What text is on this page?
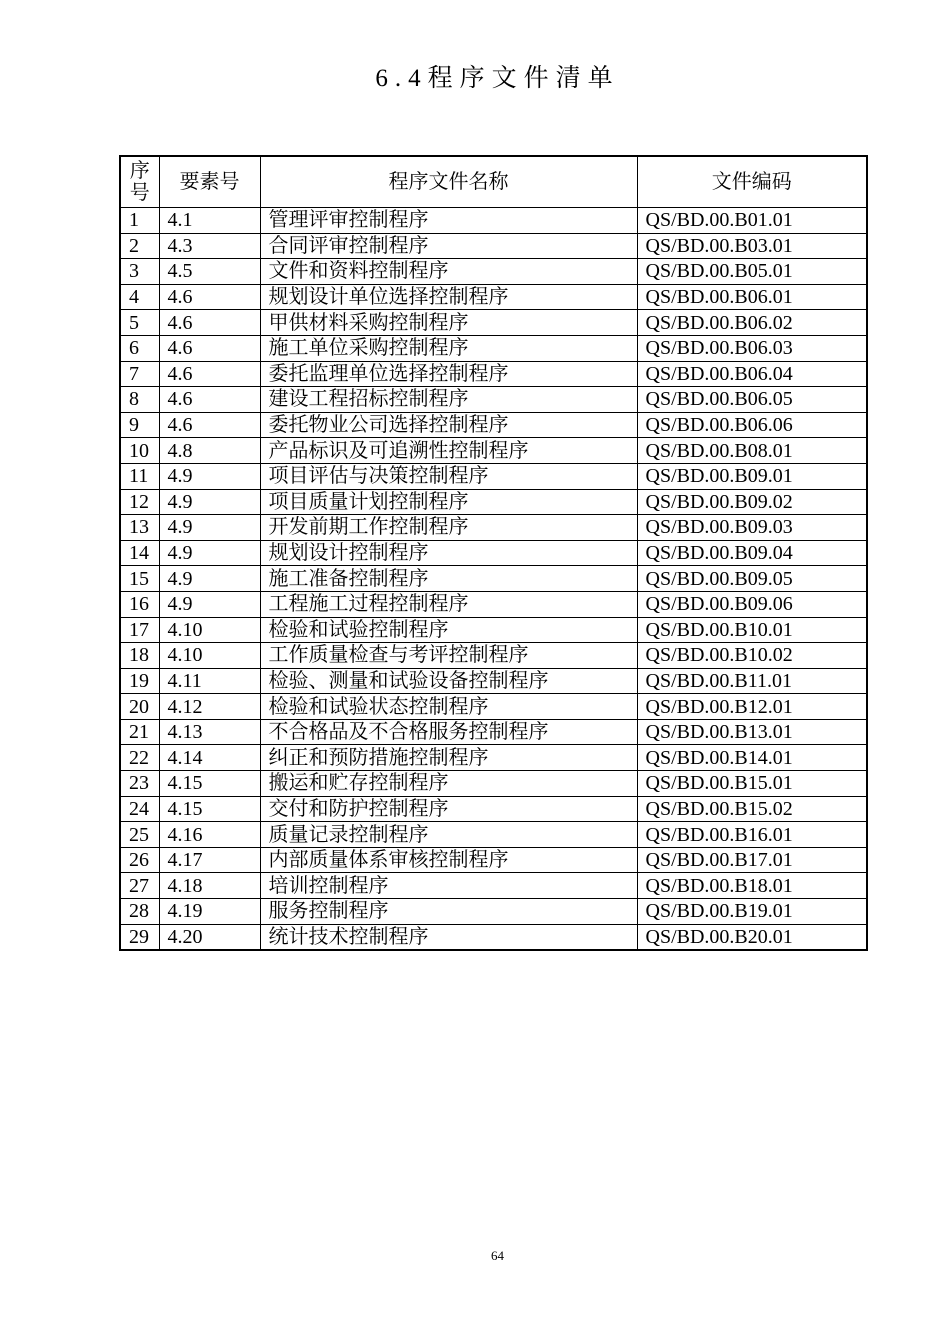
6.4程序文件清单
序号	要素号	程序文件名称	文件编码
1	4.1	管理评审控制程序	QS/BD.00.B01.01
2	4.3	合同评审控制程序	QS/BD.00.B03.01
3	4.5	文件和资料控制程序	QS/BD.00.B05.01
4	4.6	规划设计单位选择控制程序	QS/BD.00.B06.01
5	4.6	甲供材料采购控制程序	QS/BD.00.B06.02
6	4.6	施工单位采购控制程序	QS/BD.00.B06.03
7	4.6	委托监理单位选择控制程序	QS/BD.00.B06.04
8	4.6	建设工程招标控制程序	QS/BD.00.B06.05
9	4.6	委托物业公司选择控制程序	QS/BD.00.B06.06
10	4.8	产品标识及可追溯性控制程序	QS/BD.00.B08.01
11	4.9	项目评估与决策控制程序	QS/BD.00.B09.01
12	4.9	项目质量计划控制程序	QS/BD.00.B09.02
13	4.9	开发前期工作控制程序	QS/BD.00.B09.03
14	4.9	规划设计控制程序	QS/BD.00.B09.04
15	4.9	施工准备控制程序	QS/BD.00.B09.05
16	4.9	工程施工过程控制程序	QS/BD.00.B09.06
17	4.10	检验和试验控制程序	QS/BD.00.B10.01
18	4.10	工作质量检查与考评控制程序	QS/BD.00.B10.02
19	4.11	检验、测量和试验设备控制程序	QS/BD.00.B11.01
20	4.12	检验和试验状态控制程序	QS/BD.00.B12.01
21	4.13	不合格品及不合格服务控制程序	QS/BD.00.B13.01
22	4.14	纠正和预防措施控制程序	QS/BD.00.B14.01
23	4.15	搬运和贮存控制程序	QS/BD.00.B15.01
24	4.15	交付和防护控制程序	QS/BD.00.B15.02
25	4.16	质量记录控制程序	QS/BD.00.B16.01
26	4.17	内部质量体系审核控制程序	QS/BD.00.B17.01
27	4.18	培训控制程序	QS/BD.00.B18.01
28	4.19	服务控制程序	QS/BD.00.B19.01
29	4.20	统计技术控制程序	QS/BD.00.B20.01
64
